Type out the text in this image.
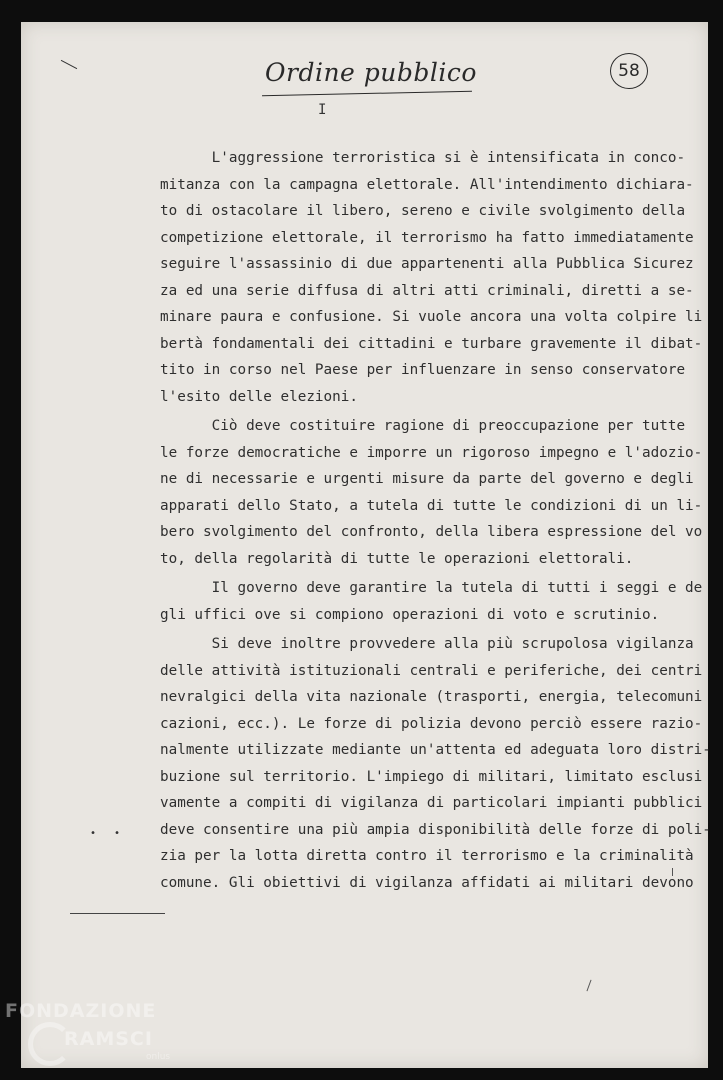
Ordine pubblico	58
I

L'aggressione terroristica si è intensificata in conco-
mitanza con la campagna elettorale. All'intendimento dichiara-
to di ostacolare il libero, sereno e civile svolgimento della
competizione elettorale, il terrorismo ha fatto immediatamente
seguire l'assassinio di due appartenenti alla Pubblica Sicurez
za ed una serie diffusa di altri atti criminali, diretti a se-
minare paura e confusione. Si vuole ancora una volta colpire li
bertà fondamentali dei cittadini e turbare gravemente il dibat-
tito in corso nel Paese per influenzare in senso conservatore
l'esito delle elezioni.

Ciò deve costituire ragione di preoccupazione per tutte
le forze democratiche e imporre un rigoroso impegno e l'adozio-
ne di necessarie e urgenti misure da parte del governo e degli
apparati dello Stato, a tutela di tutte le condizioni di un li-
bero svolgimento del confronto, della libera espressione del vo
to, della regolarità di tutte le operazioni elettorali.

Il governo deve garantire la tutela di tutti i seggi e de
gli uffici ove si compiono operazioni di voto e scrutinio.

Si deve inoltre provvedere alla più scrupolosa vigilanza
delle attività istituzionali centrali e periferiche, dei centri
nevralgici della vita nazionale (trasporti, energia, telecomuni
cazioni, ecc.). Le forze di polizia devono perciò essere razio-
nalmente utilizzate mediante un'attenta ed adeguata loro distri-
buzione sul territorio. L'impiego di militari, limitato esclusi
vamente a compiti di vigilanza di particolari impianti pubblici
deve consentire una più ampia disponibilità delle forze di poli-
zia per la lotta diretta contro il terrorismo e la criminalità
comune. Gli obiettivi di vigilanza affidati ai militari devono

• •
FONDAZIONE
RAMSCI
onlus
